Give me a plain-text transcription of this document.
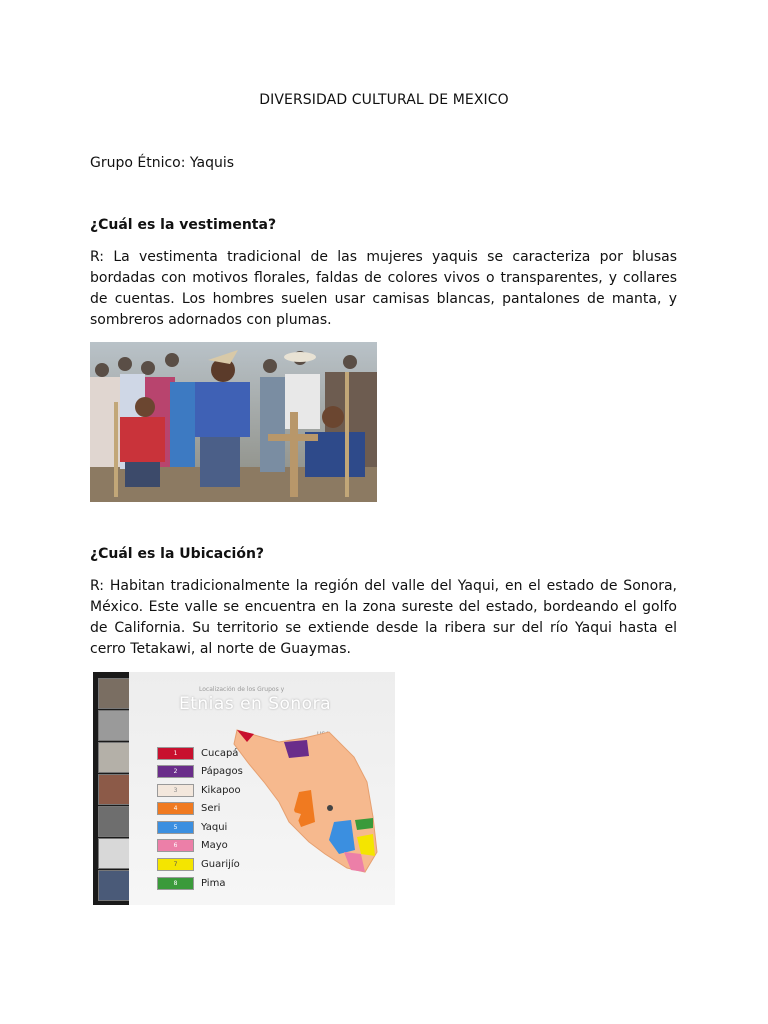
DIVERSIDAD CULTURAL DE MEXICO
Grupo Étnico: Yaquis
¿Cuál es la vestimenta?
R: La vestimenta tradicional de las mujeres yaquis se caracteriza por blusas bordadas con motivos florales, faldas de colores vivos o transparentes, y collares de cuentas. Los hombres suelen usar camisas blancas, pantalones de manta, y sombreros adornados con plumas.
¿Cuál es la Ubicación?
R: Habitan tradicionalmente la región del valle del Yaqui, en el estado de Sonora, México. Este valle se encuentra en la zona sureste del estado, bordeando el golfo de California. Su territorio se extiende desde la ribera sur del río Yaqui hasta el cerro Tetakawi, al norte de Guaymas.
Localización de los Grupos y
Etnias en Sonora
1	Cucapá
2	Pápagos
3	Kikapoo
4	Seri
5	Yaqui
6	Mayo
7	Guarijío
8	Pima
